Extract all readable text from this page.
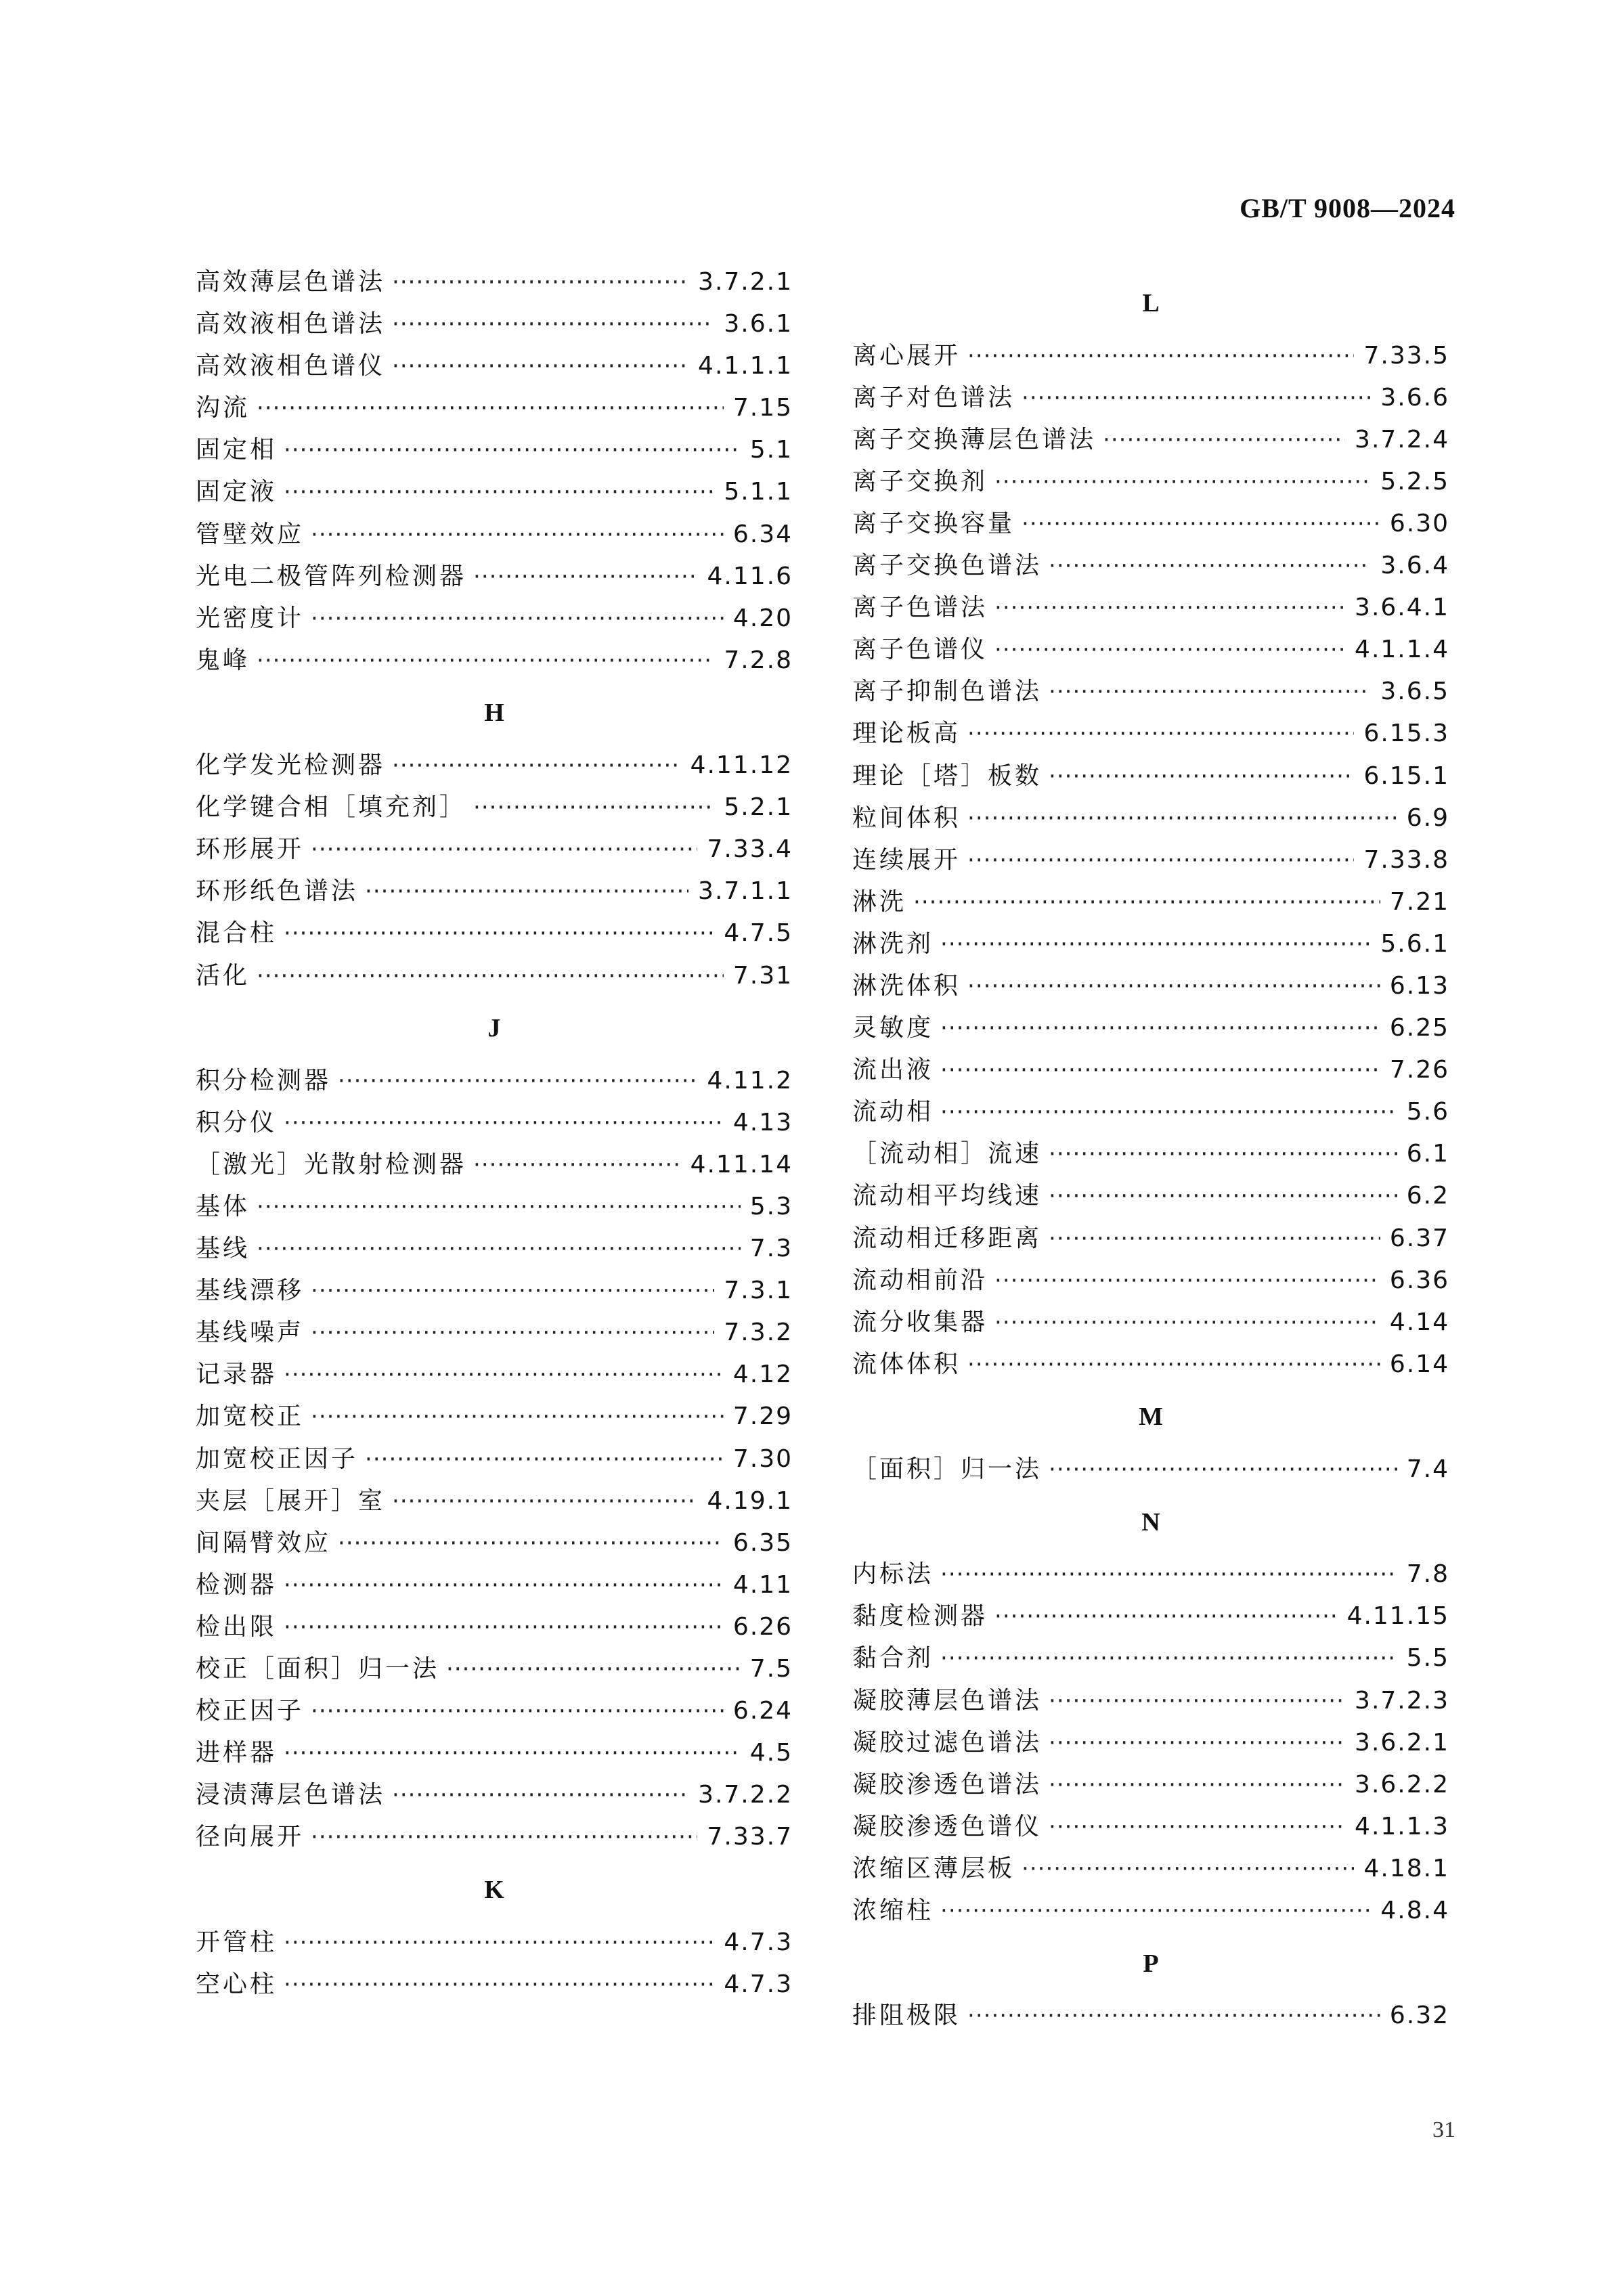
GB/T 9008—2024
高效薄层色谱法 ·····	3.7.2.1
高效液相色谱法 ·····	3.6.1
高效液相色谱仪 ·····	4.1.1.1
沟流 ·····	7.15
固定相 ·····	5.1
固定液 ·····	5.1.1
管壁效应 ·····	6.34
光电二极管阵列检测器 ·····	4.11.6
光密度计 ·····	4.20
鬼峰 ·····	7.2.8
H
化学发光检测器 ·····	4.11.12
化学键合相［填充剂］ ·····	5.2.1
环形展开 ·····	7.33.4
环形纸色谱法 ·····	3.7.1.1
混合柱 ·····	4.7.5
活化 ·····	7.31
J
积分检测器 ·····	4.11.2
积分仪 ·····	4.13
［激光］光散射检测器 ·····	4.11.14
基体 ·····	5.3
基线 ·····	7.3
基线漂移 ·····	7.3.1
基线噪声 ·····	7.3.2
记录器 ·····	4.12
加宽校正 ·····	7.29
加宽校正因子 ·····	7.30
夹层［展开］室 ·····	4.19.1
间隔臂效应 ·····	6.35
检测器 ·····	4.11
检出限 ·····	6.26
校正［面积］归一法 ·····	7.5
校正因子 ·····	6.24
进样器 ·····	4.5
浸渍薄层色谱法 ·····	3.7.2.2
径向展开 ·····	7.33.7
K
开管柱 ·····	4.7.3
空心柱 ·····	4.7.3
L
离心展开 ·····	7.33.5
离子对色谱法 ·····	3.6.6
离子交换薄层色谱法 ·····	3.7.2.4
离子交换剂 ·····	5.2.5
离子交换容量 ·····	6.30
离子交换色谱法 ·····	3.6.4
离子色谱法 ·····	3.6.4.1
离子色谱仪 ·····	4.1.1.4
离子抑制色谱法 ·····	3.6.5
理论板高 ·····	6.15.3
理论［塔］板数 ·····	6.15.1
粒间体积 ·····	6.9
连续展开 ·····	7.33.8
淋洗 ·····	7.21
淋洗剂 ·····	5.6.1
淋洗体积 ·····	6.13
灵敏度 ·····	6.25
流出液 ·····	7.26
流动相 ·····	5.6
［流动相］流速 ·····	6.1
流动相平均线速 ·····	6.2
流动相迁移距离 ·····	6.37
流动相前沿 ·····	6.36
流分收集器 ·····	4.14
流体体积 ·····	6.14
M
［面积］归一法 ·····	7.4
N
内标法 ·····	7.8
黏度检测器 ·····	4.11.15
黏合剂 ·····	5.5
凝胶薄层色谱法 ·····	3.7.2.3
凝胶过滤色谱法 ·····	3.6.2.1
凝胶渗透色谱法 ·····	3.6.2.2
凝胶渗透色谱仪 ·····	4.1.1.3
浓缩区薄层板 ·····	4.18.1
浓缩柱 ·····	4.8.4
P
排阻极限 ·····	6.32
31
